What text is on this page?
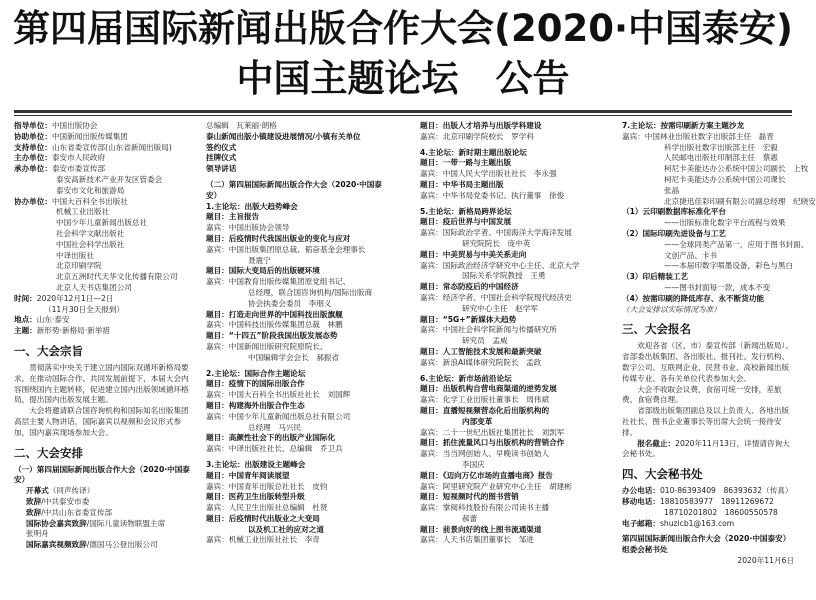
第四届国际新闻出版合作大会(2020·中国泰安)
中国主题论坛　公告
指导单位：中国出版协会
协助单位：中国新闻出版传媒集团
支持单位：山东省委宣传部(山东省新闻出版局)
主办单位：泰安市人民政府
承办单位：泰安市委宣传部
泰安高新技术产业开发区管委会
泰安市文化和旅游局
协办单位：中国大百科全书出版社
机械工业出版社
中国少年儿童新闻出版总社
社会科学文献出版社
中国社会科学出版社
中译出版社
北京印刷学院
北京五洲时代天华文化传播有限公司
北京人天书店集团公司
时间：2020年12月1日—2日
（11月30日全天报到）
地点：山东·泰安
主题：新形势·新格局·新举措
一、大会宗旨
贯彻落实中央关于建立国内国际双循环新格局要求，在推动国际合作、共同发展前提下，本届大会内容围绕国内主题转移，促进建立国内出版领域循环格局，提出国内出版发展主题。
大会将邀请联合国咨询机构和国际知名出版集团高层主要人物讲话，国际嘉宾以视频和会议形式参加，国内嘉宾现场参加大会。
二、大会安排
（一）第四届国际新闻出版合作大会（2020·中国泰安）
开幕式（同声传译）
致辞/中共泰安市委
致辞/中共山东省委宣传部
国际协会嘉宾致辞/国际儿童读物联盟主席
张明舟
国际嘉宾视频致辞/德国马公登出版公司
总编辑　瓦莱丽·朗格
泰山新闻出版小镇建设进展情况/小镇有关单位
签约仪式
挂牌仪式
领导讲话
（二）第四届国际新闻出版合作大会（2020·中国泰安）
1.主论坛：出版大趋势峰会
题目：主旨报告
嘉宾：中国出版协会领导
题目：后疫情时代我国出版业的变化与应对
嘉宾：中国出版集团原总裁、韬奋基金会理事长
聂震宁
题目：国际大变局后的出版硬环境
嘉宾：中国教育出版传媒集团原党组书记、
总经理，联合国咨询机构/国际出版商
协会执委会委员　李朋义
题目：打造走向世界的中国科技出版旗舰
嘉宾：中国科技出版传媒集团总裁　林鹏
题目：“十四五”阶段我国出版发展态势
嘉宾：中国新闻出版研究院原院长、
中国编辑学会会长　郝振省
2.主论坛：国际合作主题论坛
题目：疫情下的国际出版合作
嘉宾：中国大百科全书出版社社长　刘国辉
题目：构建海外出版合作生态
嘉宾：中国少年儿童新闻出版总社有限公司
总经理　马兴民
题目：高颜性社会下的出版产业国际化
嘉宾：中译出版社社长、总编辑　乔卫兵
3.主论坛：出版建设主题峰会
题目：中国青年阅读展望
嘉宾：中国青年出版总社社长　皮钧
题目：医药卫生出版转型升级
嘉宾：人民卫生出版社总编辑　杜贤
题目：后疫情时代出版业之大变局
以及机工社的应对之道
嘉宾：机械工业出版社社长　李奇
题目：出版人才培养与出版学科建设
嘉宾：北京印刷学院校长　罗学科
4.主论坛：新时期主题出版论坛
题目：一带一路与主题出版
嘉宾：中国人民大学出版社社长　李永强
题目：中华书局主题出版
嘉宾：中华书局党委书记、执行董事　徐俊
5.主论坛：新格局跨界论坛
题目：疫后世界与中国发展
嘉宾：国际政治学者、中国海洋大学海洋发展
研究院院长　庞中英
题目：中美贸易与中美关系走向
嘉宾：国际政治经济学研究中心主任、北京大学
国际关系学院教授　王勇
题目：常态防疫后的中国经济
嘉宾：经济学者、中国社会科学院现代经济史
研究中心主任　赵学军
题目：“5G+”新媒体大趋势
嘉宾：中国社会科学院新闻与传播研究所
研究员　孟威
题目：人工智能技术发展和最新突破
嘉宾：新浪AI媒体研究院院长　孟政
6.主论坛：新市场前沿论坛
题目：出版机构自营电商渠道的逆势发展
嘉宾：化学工业出版社董事长　周伟斌
题目：直播短视频营态化后出版机构的
内部变革
嘉宾：二十一世纪出版社集团社长　刘凯军
题目：抓住流量风口与出版机构的营销合作
嘉宾：当当网创始人、早晚读书创始人
李国庆
题目：《迈向万亿市场的直播电商》报告
嘉宾：阿里研究院产业研究中心主任　胡建彬
题目：短视频时代的图书营销
嘉宾：掌阅科技股份有限公司读书主播
郝蕾
题目：前景向好的线上图书流通渠道
嘉宾：人天书店集团董事长　邹进
7.主论坛：按需印刷新方案主题沙龙
嘉宾：中国林业出版社数字出版部主任　磊晋
科学出版社数字出版部主任　宏毅
人民邮电出版社印制部主任　蔡惠
柯尼卡美能达办公系统中国公司副长　上牧
柯尼卡美能达办公系统中国公司课长
张晶
北京捷迅佳彩印刷有限公司副总经理　纪晓安
（1）云印刷数据库标准化平台
——出版标准化数字平台流程与效果
（2）国际印刷先进设备与工艺
——全球同类产品第一，应用于图书封面、
文创产品、卡书
——本届印数字喷墨设备，彩色与黑白
（3）印后精装工艺
——图书封面每一款，成本不变
（4）按需印刷的降低库存、永不断货功能
（大会安排以实际情况为准）
三、大会报名
欢迎各省（区、市）泰宣传部（新闻出版局）、省部委出版集团、各出版社、报刊社、发行机构、数字公司、互联网企业、民营书业、高校新闻出版传媒专业、各有关单位代表参加大会。
大会不收取会议费，食宿可统一安排，差旅费、食宿费自理。
省部级出版集团副总及以上负责人、各地出版社社长、图书企业董事长等出席大会统一接待安排。
报名截止：2020年11月13日，详情请咨询大会秘书处。
四、大会秘书处
办公电话：010-86393409　86393632（传真）
移动电话：18810583977　18911269672
18710201802　18600550578
电子邮箱：shuzicb1@163.com
第四届国际新闻出版合作大会（2020·中国泰安）组委会秘书处
2020年11月6日
